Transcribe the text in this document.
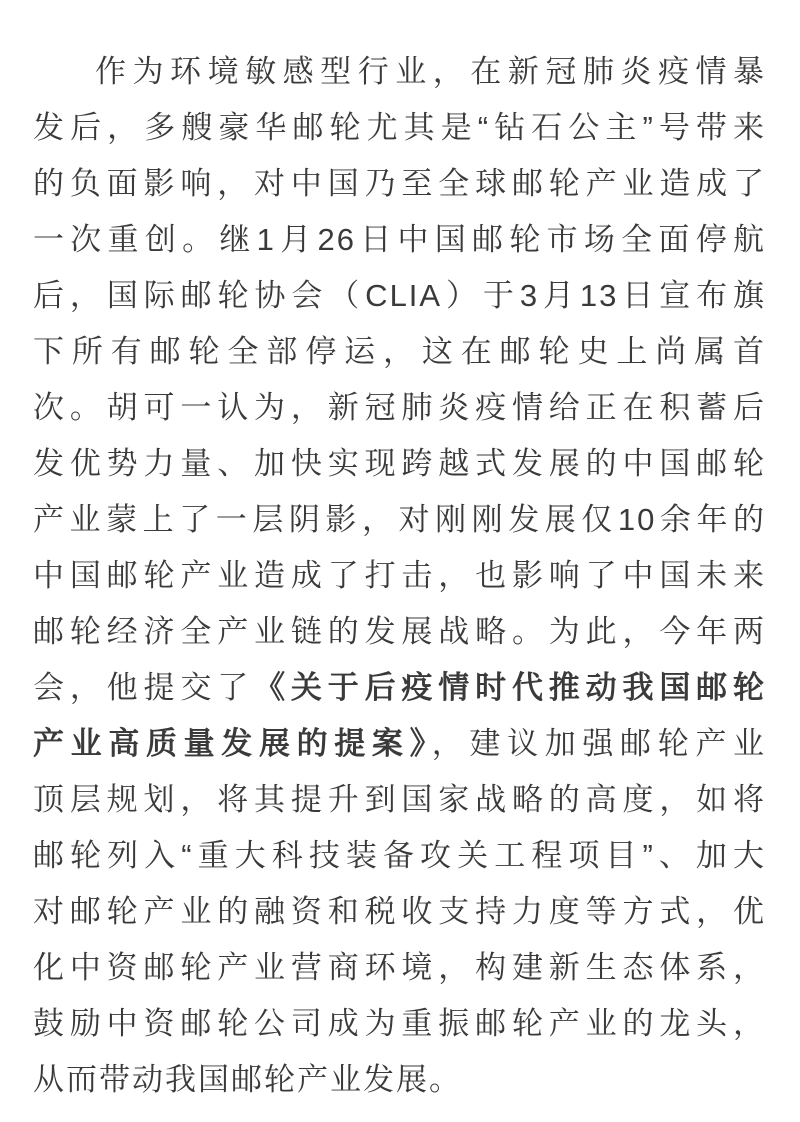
作为环境敏感型行业，在新冠肺炎疫情暴
发后，多艘豪华邮轮尤其是“钻石公主”号带来
的负面影响，对中国乃至全球邮轮产业造成了
一次重创。继1月26日中国邮轮市场全面停航
后，国际邮轮协会（CLIA）于3月13日宣布旗
下所有邮轮全部停运，这在邮轮史上尚属首
次。胡可一认为，新冠肺炎疫情给正在积蓄后
发优势力量、加快实现跨越式发展的中国邮轮
产业蒙上了一层阴影，对刚刚发展仅10余年的
中国邮轮产业造成了打击，也影响了中国未来
邮轮经济全产业链的发展战略。为此，今年两
会，他提交了《关于后疫情时代推动我国邮轮
产业高质量发展的提案》，建议加强邮轮产业
顶层规划，将其提升到国家战略的高度，如将
邮轮列入“重大科技装备攻关工程项目”、加大
对邮轮产业的融资和税收支持力度等方式，优
化中资邮轮产业营商环境，构建新生态体系，
鼓励中资邮轮公司成为重振邮轮产业的龙头，
从而带动我国邮轮产业发展。
